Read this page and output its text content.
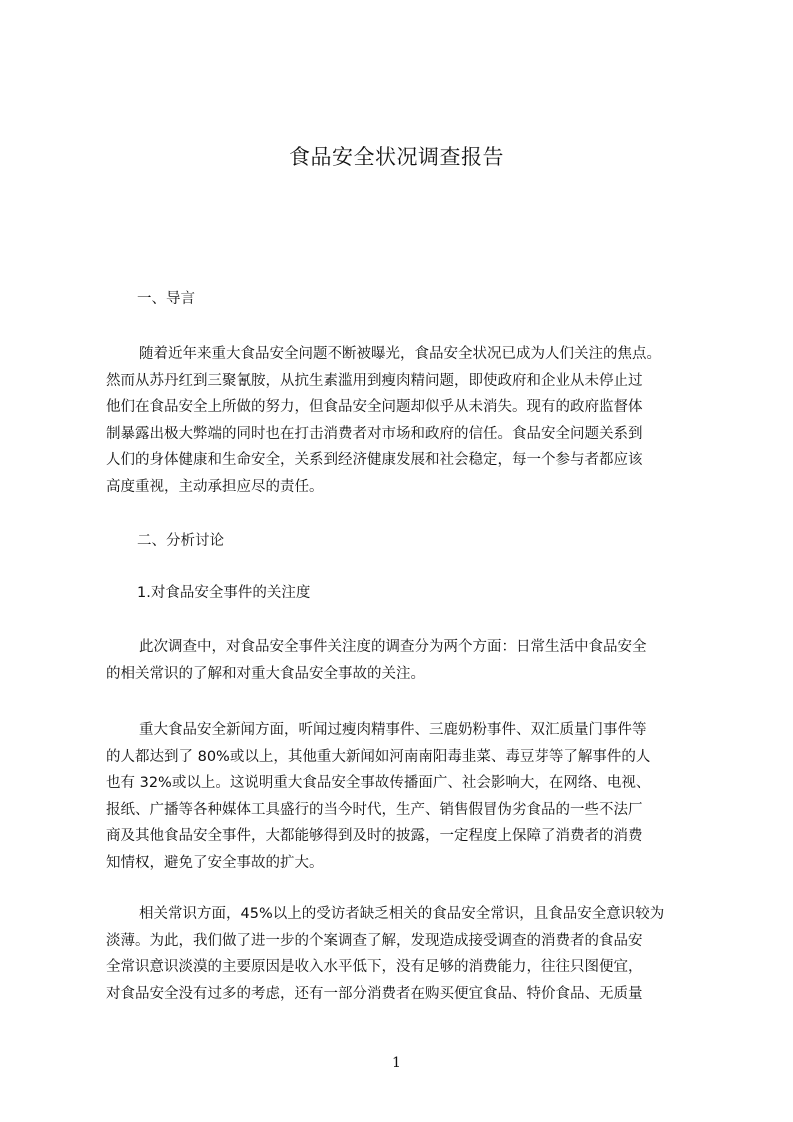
食品安全状况调查报告
一、导言
随着近年来重大食品安全问题不断被曝光，食品安全状况已成为人们关注的焦点。
然而从苏丹红到三聚氰胺，从抗生素滥用到瘦肉精问题，即使政府和企业从未停止过
他们在食品安全上所做的努力，但食品安全问题却似乎从未消失。现有的政府监督体
制暴露出极大弊端的同时也在打击消费者对市场和政府的信任。食品安全问题关系到
人们的身体健康和生命安全，关系到经济健康发展和社会稳定，每一个参与者都应该
高度重视，主动承担应尽的责任。
二、分析讨论
1.对食品安全事件的关注度
此次调查中，对食品安全事件关注度的调查分为两个方面：日常生活中食品安全
的相关常识的了解和对重大食品安全事故的关注。
重大食品安全新闻方面，听闻过瘦肉精事件、三鹿奶粉事件、双汇质量门事件等
的人都达到了 80%或以上，其他重大新闻如河南南阳毒韭菜、毒豆芽等了解事件的人
也有 32%或以上。这说明重大食品安全事故传播面广、社会影响大，在网络、电视、
报纸、广播等各种媒体工具盛行的当今时代，生产、销售假冒伪劣食品的一些不法厂
商及其他食品安全事件，大都能够得到及时的披露，一定程度上保障了消费者的消费
知情权，避免了安全事故的扩大。
相关常识方面，45%以上的受访者缺乏相关的食品安全常识，且食品安全意识较为
淡薄。为此，我们做了进一步的个案调查了解，发现造成接受调查的消费者的食品安
全常识意识淡漠的主要原因是收入水平低下，没有足够的消费能力，往往只图便宜，
对食品安全没有过多的考虑，还有一部分消费者在购买便宜食品、特价食品、无质量
1
